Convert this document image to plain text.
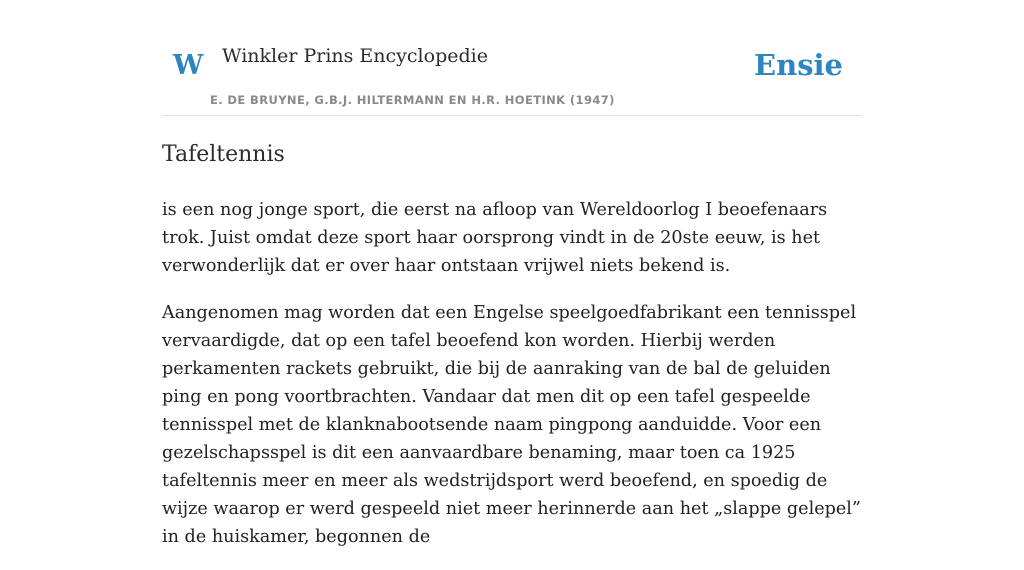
W Winkler Prins Encyclopedie
E. DE BRUYNE, G.B.J. HILTERMANN EN H.R. HOETINK (1947)
Ensie
Tafeltennis

is een nog jonge sport, die eerst na afloop van Wereldoorlog I beoefenaars trok. Juist omdat deze sport haar oorsprong vindt in de 20ste eeuw, is het verwonderlijk dat er over haar ontstaan vrijwel niets bekend is.

Aangenomen mag worden dat een Engelse speelgoedfabrikant een tennisspel vervaardigde, dat op een tafel beoefend kon worden. Hierbij werden perkamenten rackets gebruikt, die bij de aanraking van de bal de geluiden ping en pong voortbrachten. Vandaar dat men dit op een tafel gespeelde tennisspel met de klanknabootsende naam pingpong aanduidde. Voor een gezelschapsspel is dit een aanvaardbare benaming, maar toen ca 1925 tafeltennis meer en meer als wedstrijdsport werd beoefend, en spoedig de wijze waarop er werd gespeeld niet meer herinnerde aan het „slappe gelepel” in de huiskamer, begonnen de
